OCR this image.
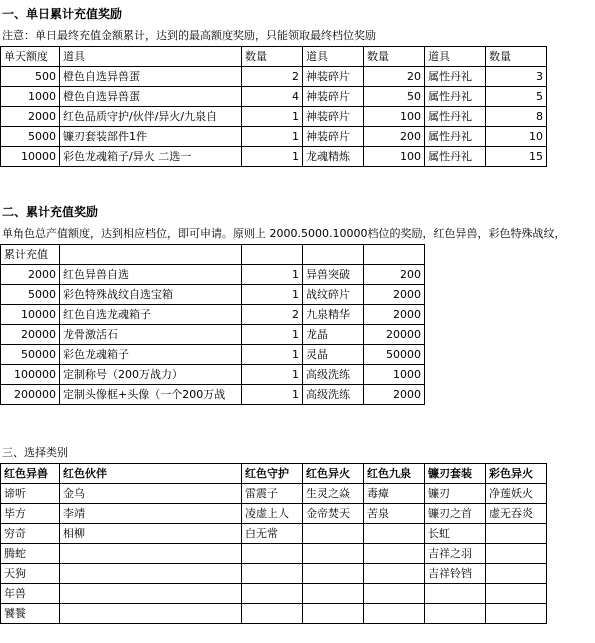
一、单日累计充值奖励
注意：单日最终充值金额累计，达到的最高额度奖励，只能领取最终档位奖励
单天额度	道具	数量	道具	数量	道具	数量
500	橙色自选异兽蛋	2	神装碎片	20	属性丹礼	3
1000	橙色自选异兽蛋	4	神装碎片	50	属性丹礼	5
2000	红色品质守护/伙伴/异火/九泉自	1	神装碎片	100	属性丹礼	8
5000	镰刃套装部件1件	1	神装碎片	200	属性丹礼	10
10000	彩色龙魂箱子/异火 二选一	1	龙魂精炼	100	属性丹礼	15
二、累计充值奖励
单角色总产值额度，达到相应档位，即可申请。原则上 2000.5000.10000档位的奖励，红色异兽，彩色特殊战纹，
累计充值				
2000	红色异兽自选	1	异兽突破	200
5000	彩色特殊战纹自选宝箱	1	战纹碎片	2000
10000	红色自选龙魂箱子	2	九泉精华	2000
20000	龙骨激活石	1	龙晶	20000
50000	彩色龙魂箱子	1	灵晶	50000
100000	定制称号（200万战力）	1	高级洗练	1000
200000	定制头像框+头像（一个200万战	1	高级洗练	2000
三、选择类别
红色异兽	红色伙伴	红色守护	红色异火	红色九泉	镰刃套装	彩色异火
谛听	金乌	雷震子	生灵之焱	毒瘴	镰刃	净莲妖火
毕方	李靖	凌虚上人	金帝焚天	苦泉	镰刃之首	虚无吞炎
穷奇	相柳	白无常			长虹	
腾蛇					吉祥之羽	
天狗					吉祥铃铛	
年兽						
饕餮						
